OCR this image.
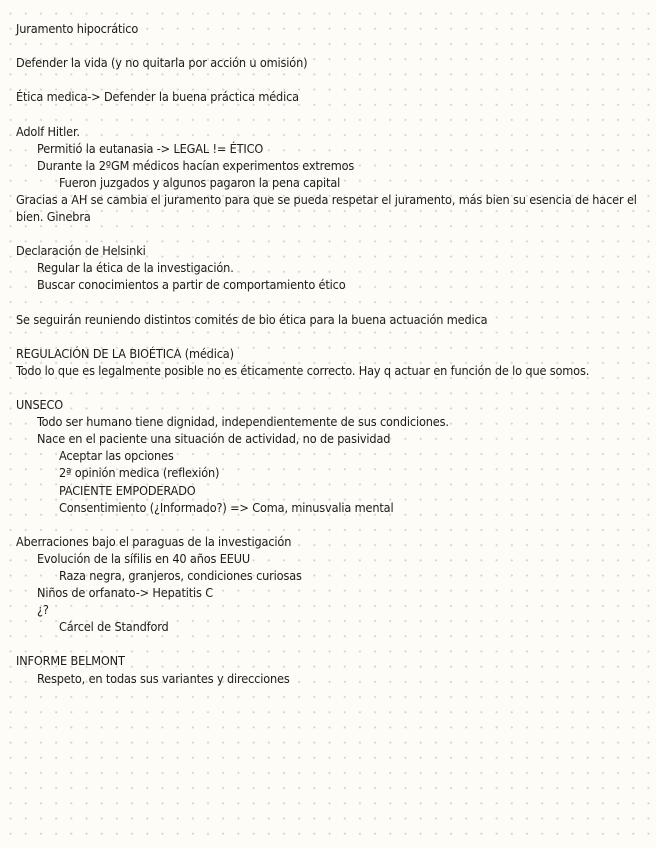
Juramento hipocrático
Defender la vida (y no quitarla por acción u omisión)
Ética medica-> Defender la buena práctica médica
Adolf Hitler.
Permitió la eutanasia -> LEGAL != ÉTICO
Durante la 2ºGM médicos hacían experimentos extremos
Fueron juzgados y algunos pagaron la pena capital
Gracias a AH se cambia el juramento para que se pueda respetar el juramento, más bien su esencia de hacer el bien. Ginebra
Declaración de Helsinki
Regular la ética de la investigación.
Buscar conocimientos a partir de comportamiento ético
Se seguirán reuniendo distintos comités de bio ética para la buena actuación medica
REGULACIÓN DE LA BIOÉTICA (médica)
Todo lo que es legalmente posible no es éticamente correcto. Hay q actuar en función de lo que somos.
UNSECO
Todo ser humano tiene dignidad, independientemente de sus condiciones.
Nace en el paciente una situación de actividad, no de pasividad
Aceptar las opciones
2ª opinión medica (reflexión)
PACIENTE EMPODERADO
Consentimiento (¿Informado?) => Coma, minusvalia mental
Aberraciones bajo el paraguas de la investigación
Evolución de la sífilis en 40 años EEUU
Raza negra, granjeros, condiciones curiosas
Niños de orfanato-> Hepatitis C
¿?
Cárcel de Standford
INFORME BELMONT
Respeto, en todas sus variantes y direcciones
